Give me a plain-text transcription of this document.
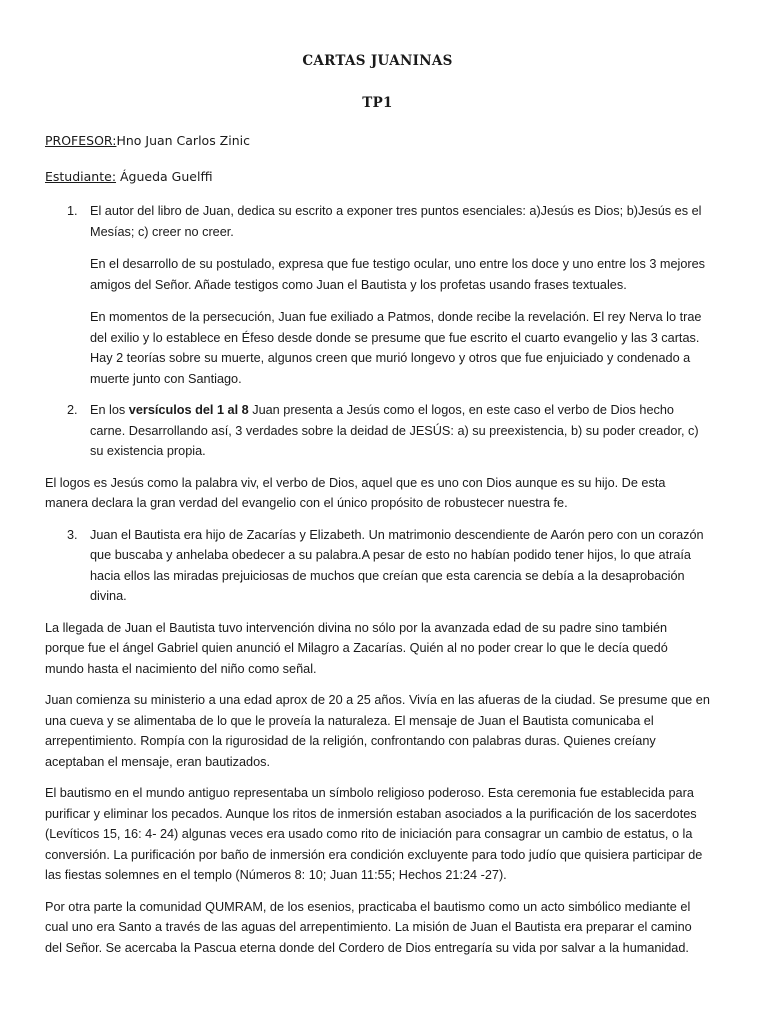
CARTAS JUANINAS
TP1

PROFESOR:Hno Juan Carlos Zinic

Estudiante: Águeda Guelffi

1. El autor del libro de Juan, dedica su escrito a exponer tres puntos esenciales: a)Jesús es Dios; b)Jesús es el Mesías; c) creer no creer.

En el desarrollo de su postulado, expresa que fue testigo ocular, uno entre los doce y uno entre los 3 mejores amigos del Señor. Añade testigos como Juan el Bautista y los profetas usando frases textuales.

En momentos de la persecución, Juan fue exiliado a Patmos, donde recibe la revelación. El rey Nerva lo trae del exilio y lo establece en Éfeso desde donde se presume que fue escrito el cuarto evangelio y las 3 cartas. Hay 2 teorías sobre su muerte, algunos creen que murió longevo y otros que fue enjuiciado y condenado a muerte junto con Santiago.

2. En los versículos del 1 al 8 Juan presenta a Jesús como el logos, en este caso el verbo de Dios hecho carne. Desarrollando así, 3 verdades sobre la deidad de JESÚS: a) su preexistencia, b) su poder creador, c) su existencia propia.

El logos es Jesús como la palabra viv, el verbo de Dios, aquel que es uno con Dios aunque es su hijo. De esta manera declara la gran verdad del evangelio con el único propósito de robustecer nuestra fe.

3. Juan el Bautista era hijo de Zacarías y Elizabeth. Un matrimonio descendiente de Aarón pero con un corazón que buscaba y anhelaba obedecer a su palabra.A pesar de esto no habían podido tener hijos, lo que atraía hacia ellos las miradas prejuiciosas de muchos que creían que esta carencia se debía a la desaprobación divina.

La llegada de Juan el Bautista tuvo intervención divina no sólo por la avanzada edad de su padre sino también porque fue el ángel Gabriel quien anunció el Milagro a Zacarías. Quién al no poder crear lo que le decía quedó mundo hasta el nacimiento del niño como señal.

Juan comienza su ministerio a una edad aprox de 20 a 25 años. Vivía en las afueras de la ciudad. Se presume que en una cueva y se alimentaba de lo que le proveía la naturaleza. El mensaje de Juan el Bautista comunicaba el arrepentimiento. Rompía con la rigurosidad de la religión, confrontando con palabras duras. Quienes creíany aceptaban el mensaje, eran bautizados.

El bautismo en el mundo antiguo representaba un símbolo religioso poderoso. Esta ceremonia fue establecida para purificar y eliminar los pecados. Aunque los ritos de inmersión estaban asociados a la purificación de los sacerdotes (Levíticos 15, 16: 4- 24) algunas veces era usado como rito de iniciación para consagrar un cambio de estatus, o la conversión. La purificación por baño de inmersión era condición excluyente para todo judío que quisiera participar de las fiestas solemnes en el templo (Números 8: 10; Juan 11:55; Hechos 21:24 -27).

Por otra parte la comunidad QUMRAM, de los esenios, practicaba el bautismo como un acto simbólico mediante el cual uno era Santo a través de las aguas del arrepentimiento. La misión de Juan el Bautista era preparar el camino del Señor. Se acercaba la Pascua eterna donde del Cordero de Dios entregaría su vida por salvar a la humanidad.
